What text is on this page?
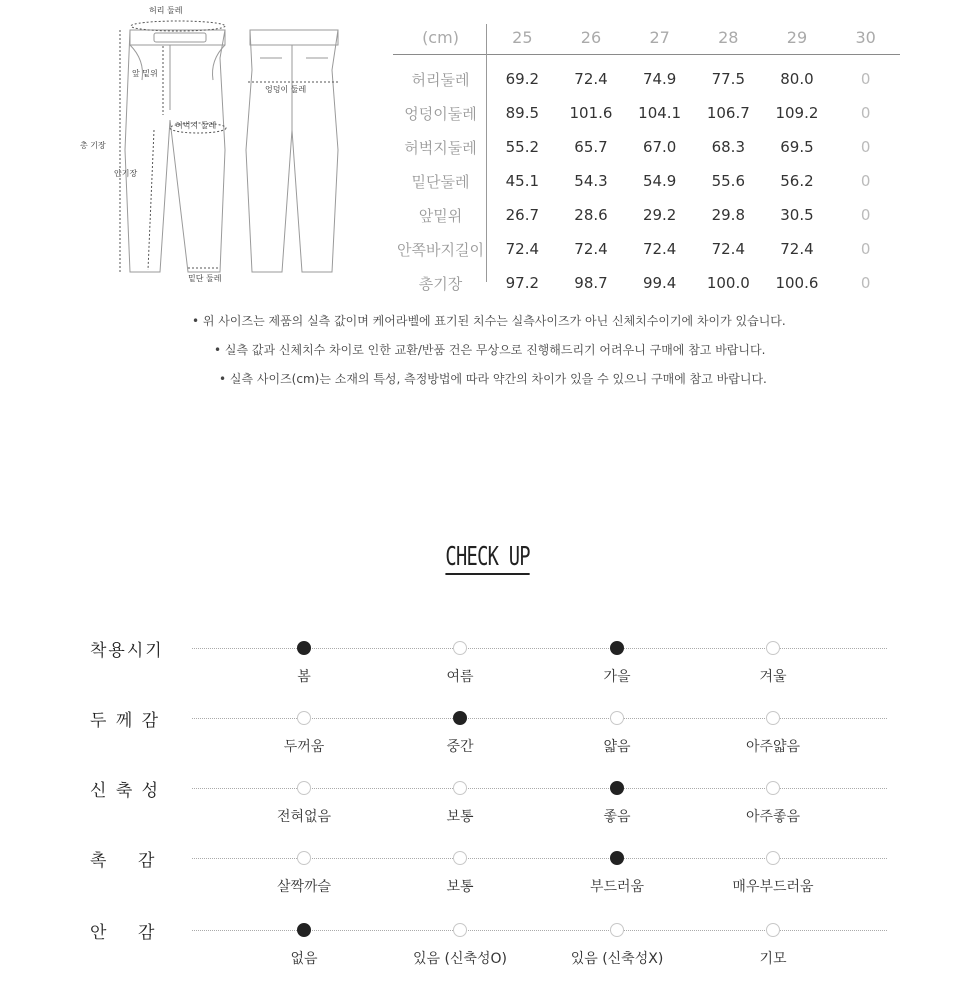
허리 둘레
앞 밑위
허벅지 둘레
총 기장
안기장
밑단 둘레
엉덩이 둘레
(cm)	25	26	27	28	29	30
허리둘레	69.2	72.4	74.9	77.5	80.0	0
엉덩이둘레	89.5	101.6	104.1	106.7	109.2	0
허벅지둘레	55.2	65.7	67.0	68.3	69.5	0
밑단둘레	45.1	54.3	54.9	55.6	56.2	0
앞밑위	26.7	28.6	29.2	29.8	30.5	0
안쪽바지길이	72.4	72.4	72.4	72.4	72.4	0
총기장	97.2	98.7	99.4	100.0	100.6	0
• 위 사이즈는 제품의 실측 값이며 케어라벨에 표기된 치수는 실측사이즈가 아닌 신체치수이기에 차이가 있습니다.
• 실측 값과 신체치수 차이로 인한 교환/반품 건은 무상으로 진행해드리기 어려우니 구매에 참고 바랍니다.
• 실측 사이즈(cm)는 소재의 특성, 측정방법에 따라 약간의 차이가 있을 수 있으니 구매에 참고 바랍니다.
CHECK UP
착용시기
봄	여름	가을	겨울
두 께 감
두꺼움	중간	얇음	아주얇음
신 축 성
전혀없음	보통	좋음	아주좋음
촉    감
살짝까슬	보통	부드러움	매우부드러움
안    감
없음	있음 (신축성O)	있음 (신축성X)	기모
